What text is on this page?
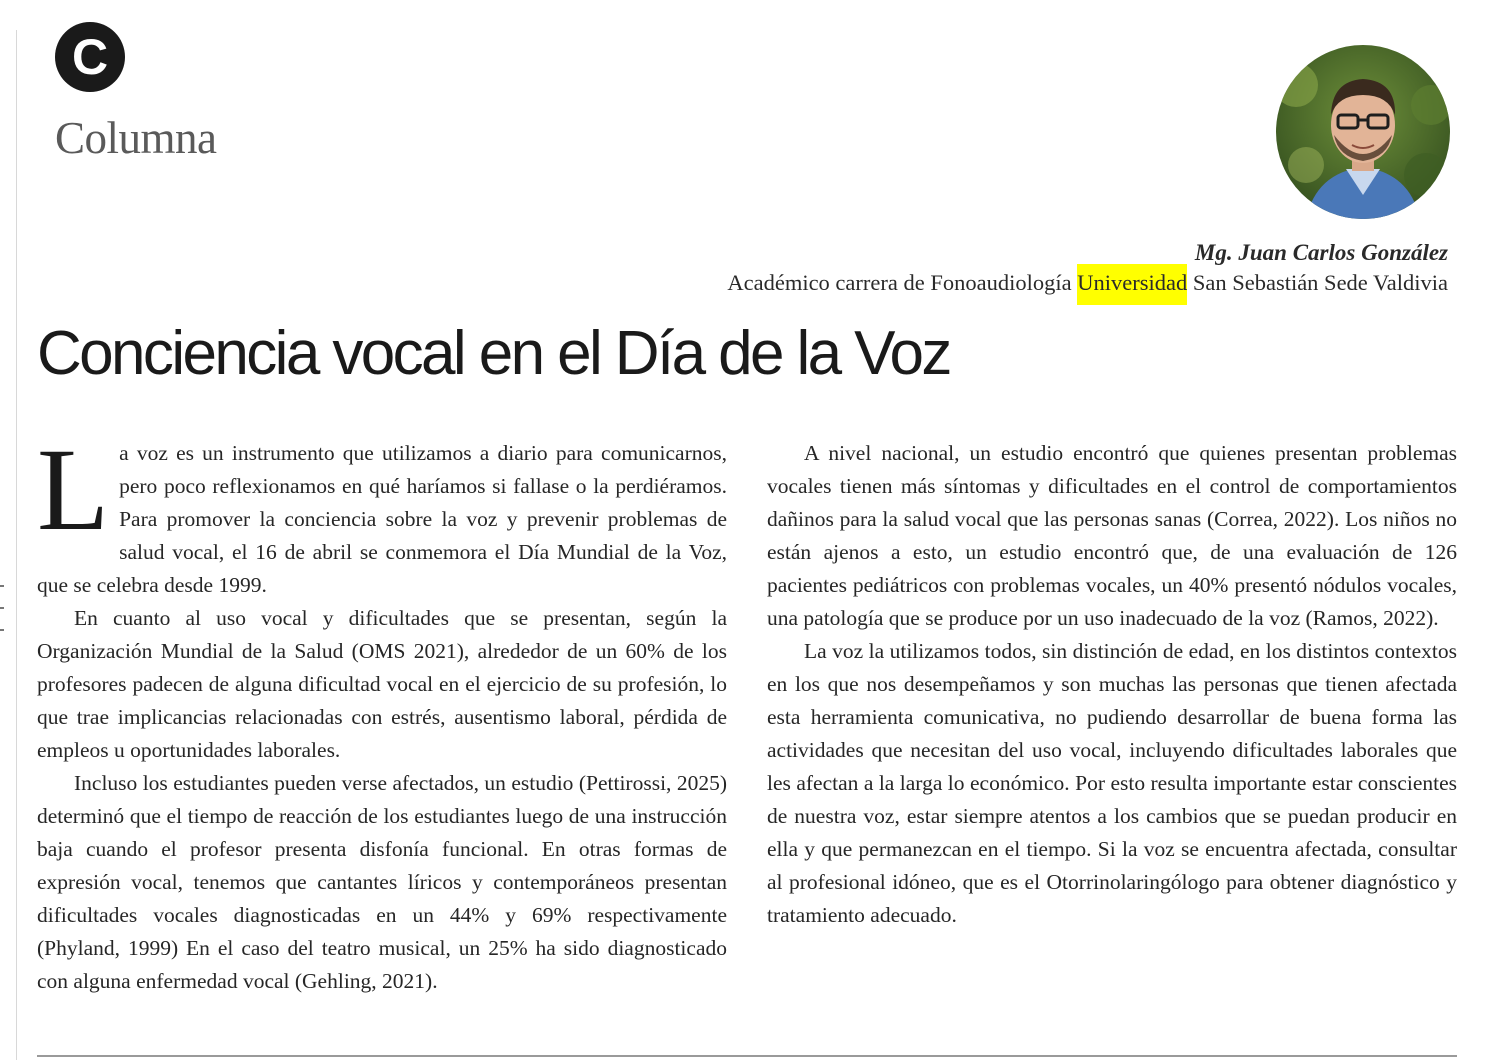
C
Columna
Mg. Juan Carlos González
Académico carrera de Fonoaudiología Universidad San Sebastián Sede Valdivia
Conciencia vocal en el Día de la Voz

La voz es un instrumento que utilizamos a diario para comunicarnos, pero poco reflexionamos en qué haríamos si fallase o la perdiéramos. Para promover la conciencia sobre la voz y prevenir problemas de salud vocal, el 16 de abril se conmemora el Día Mundial de la Voz, que se celebra desde 1999.

En cuanto al uso vocal y dificultades que se presentan, según la Organización Mundial de la Salud (OMS 2021), alrededor de un 60% de los profesores padecen de alguna dificultad vocal en el ejercicio de su profesión, lo que trae implicancias relacionadas con estrés, ausentismo laboral, pérdida de empleos u oportunidades laborales.

Incluso los estudiantes pueden verse afectados, un estudio (Pettirossi, 2025) determinó que el tiempo de reacción de los estudiantes luego de una instrucción baja cuando el profesor presenta disfonía funcional. En otras formas de expresión vocal, tenemos que cantantes líricos y contemporáneos presentan dificultades vocales diagnosticadas en un 44% y 69% respectivamente (Phyland, 1999) En el caso del teatro musical, un 25% ha sido diagnosticado con alguna enfermedad vocal (Gehling, 2021).

A nivel nacional, un estudio encontró que quienes presentan problemas vocales tienen más síntomas y dificultades en el control de comportamientos dañinos para la salud vocal que las personas sanas (Correa, 2022). Los niños no están ajenos a esto, un estudio encontró que, de una evaluación de 126 pacientes pediátricos con problemas vocales, un 40% presentó nódulos vocales, una patología que se produce por un uso inadecuado de la voz (Ramos, 2022).

La voz la utilizamos todos, sin distinción de edad, en los distintos contextos en los que nos desempeñamos y son muchas las personas que tienen afectada esta herramienta comunicativa, no pudiendo desarrollar de buena forma las actividades que necesitan del uso vocal, incluyendo dificultades laborales que les afectan a la larga lo económico. Por esto resulta importante estar conscientes de nuestra voz, estar siempre atentos a los cambios que se puedan producir en ella y que permanezcan en el tiempo. Si la voz se encuentra afectada, consultar al profesional idóneo, que es el Otorrinolaringólogo para obtener diagnóstico y tratamiento adecuado.
